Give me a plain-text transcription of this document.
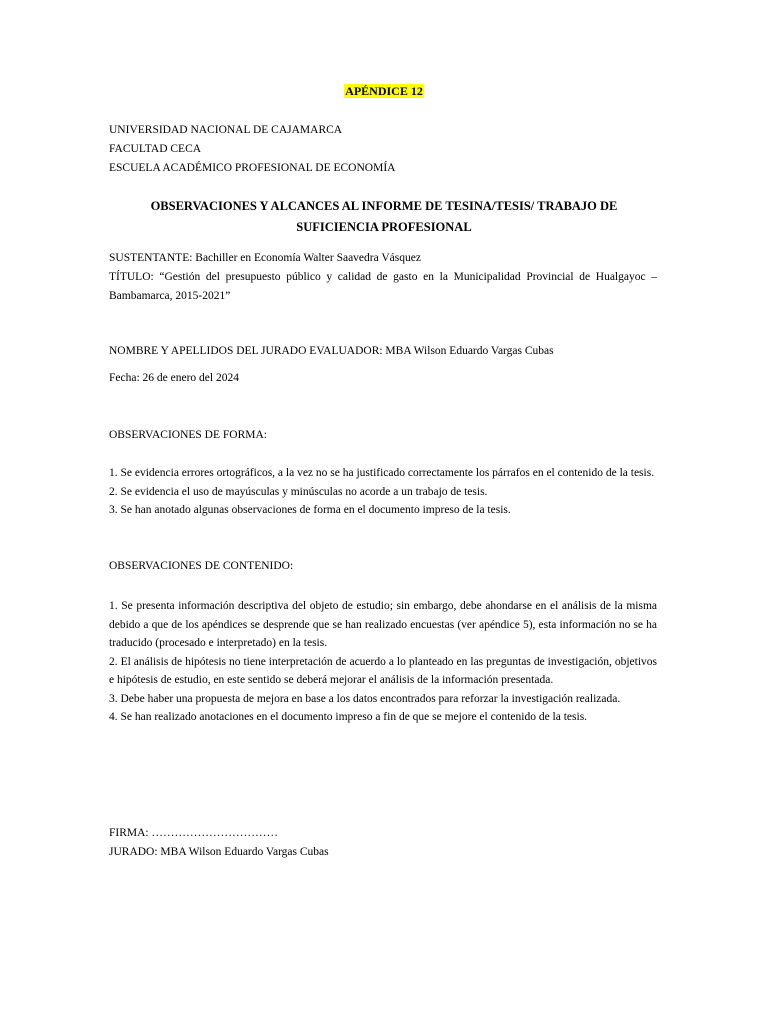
APÉNDICE 12
UNIVERSIDAD NACIONAL DE CAJAMARCA
FACULTAD CECA
ESCUELA ACADÉMICO PROFESIONAL DE ECONOMÍA
OBSERVACIONES Y ALCANCES AL INFORME DE TESINA/TESIS/ TRABAJO DE SUFICIENCIA PROFESIONAL
SUSTENTANTE: Bachiller en Economía Walter Saavedra Vásquez
TÍTULO: “Gestión del presupuesto público y calidad de gasto en la Municipalidad Provincial de Hualgayoc – Bambamarca, 2015-2021”
NOMBRE Y APELLIDOS DEL JURADO EVALUADOR: MBA Wilson Eduardo Vargas Cubas
Fecha: 26 de enero del 2024
OBSERVACIONES DE FORMA:
1. Se evidencia errores ortográficos, a la vez no se ha justificado correctamente los párrafos en el contenido de la tesis.
2. Se evidencia el uso de mayúsculas y minúsculas no acorde a un trabajo de tesis.
3. Se han anotado algunas observaciones de forma en el documento impreso de la tesis.
OBSERVACIONES DE CONTENIDO:
1. Se presenta información descriptiva del objeto de estudio; sin embargo, debe ahondarse en el análisis de la misma debido a que de los apéndices se desprende que se han realizado encuestas (ver apéndice 5), esta información no se ha traducido (procesado e interpretado) en la tesis.
2. El análisis de hipótesis no tiene interpretación de acuerdo a lo planteado en las preguntas de investigación, objetivos e hipótesis de estudio, en este sentido se deberá mejorar el análisis de la información presentada.
3. Debe haber una propuesta de mejora en base a los datos encontrados para reforzar la investigación realizada.
4. Se han realizado anotaciones en el documento impreso a fin de que se mejore el contenido de la tesis.
FIRMA: ……………………………
JURADO: MBA Wilson Eduardo Vargas Cubas
